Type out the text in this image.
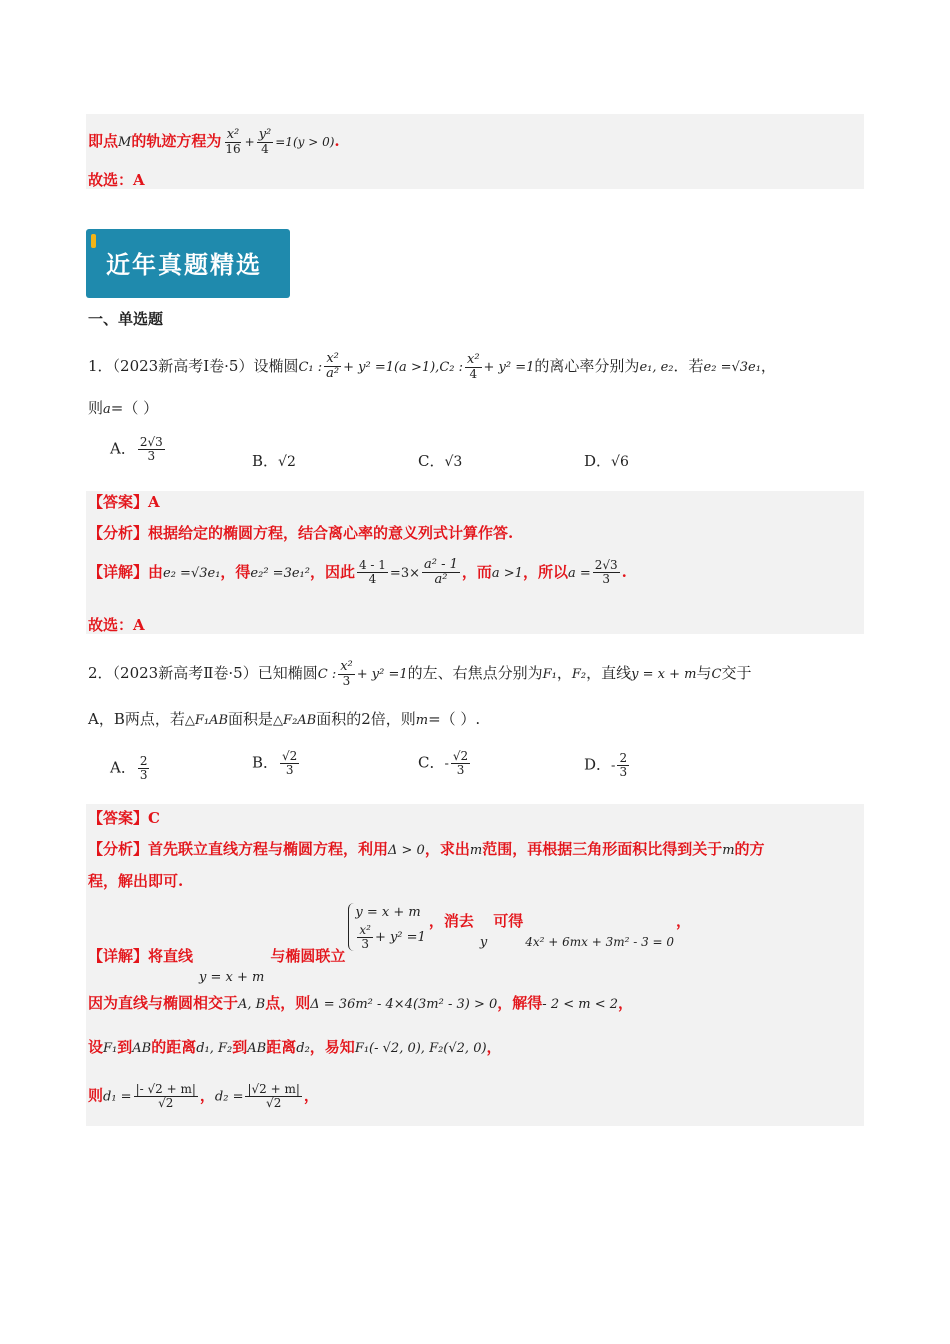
即点M的轨迹方程为 $\frac{\text{x²}}{16} + \frac{\text{y²}}{4} =1(y > 0)$.
故选：A
近年真题精选
一、单选题
1．（2023新高考Ⅰ卷·5）设椭圆C₁ : $\frac{\text{x²}}{\text{a²}} + y^2 =1(a >1),C_2$ : $\frac{\text{x²}}{4} + y^2 =1$的离心率分别为e₁, e₂．若e₂ =√3e₁，
则a=（ ）
A． $\frac{2√3}{3}$	B．√2	C．√3	D．√6
【答案】A
【分析】根据给定的椭圆方程，结合离心率的意义列式计算作答.
【详解】由e₂ =√3e₁，得e₂² =3e₁²，因此 $\frac{4 - 1}{4} =3\times \frac{\text{a² - 1}}{\text{a²}}$ ，而a >1，所以$a = \frac{2√3}{3}$ .
故选：A
2．（2023新高考Ⅱ卷·5）已知椭圆C : $\frac{\text{x²}}{3} + y^2 =1$的左、右焦点分别为F₁，F₂，直线y = x + m与C交于
A，B两点，若△F₁AB面积是△F₂AB面积的2倍，则m=（ ）.
A． $\frac{2}{3}$	B． $\frac{√2}{3}$	C．- $\frac{√2}{3}$	D．- $\frac{2}{3}$
【答案】C
【分析】首先联立直线方程与椭圆方程，利用Δ > 0，求出m范围，再根据三角形面积比得到关于m的方
程，解出即可.
【详解】将直线y = x + m与椭圆联立
y = x + m
$\frac{\text{x²}}{3} + y^2 =1$
，消去y可得$_{4x^2 + 6mx + 3m^2 - 3 = 0}$，
因为直线与椭圆相交于A, B点，则Δ = 36m² - 4×4(3m² - 3) > 0，解得- 2 < m < 2，
设F₁到AB的距离d₁, F₂到AB距离d₂，易知F₁(- √2, 0), F₂(√2, 0)，
则$d_1 = \frac{|- √2 + m|}{√2}$ ，$d_2 = \frac{|√2 + m|}{√2}$ ，
